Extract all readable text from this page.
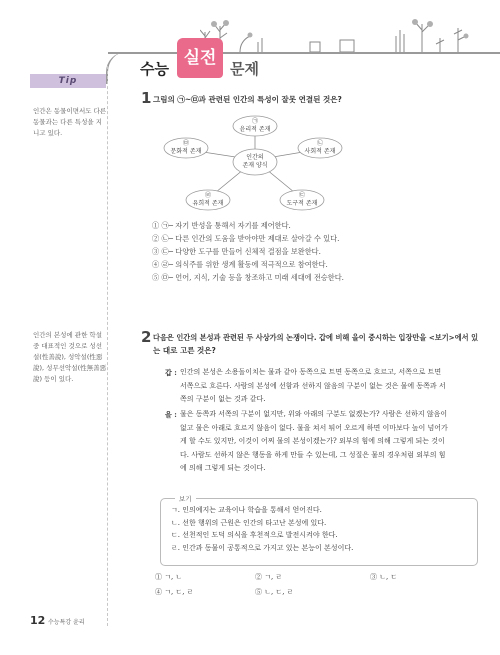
수능
실전
문제
Tip
인간은 동물이면서도 다른 동물과는 다른 특성을 지니고 있다.
인간의 본성에 관한 학설 중 대표적인 것으로 성선설(性善說), 성악설(性惡說), 성무선악설(性無善惡說) 등이 있다.
1 그림의 ㉠~㉤과 관련된 인간의 특성이 잘못 연결된 것은?
인간의
존재 양식
㉠
윤리적 존재
㉡
사회적 존재
㉢
도구적 존재
㉣
유희적 존재
㉤
문화적 존재
① ㉠─ 자기 반성을 통해서 자기를 제어한다.
② ㉡─ 다른 인간의 도움을 받아야만 제대로 살아갈 수 있다.
③ ㉢─ 다양한 도구를 만들어 신체적 결점을 보완한다.
④ ㉣─ 의식주를 위한 생계 활동에 적극적으로 참여한다.
⑤ ㉤─ 언어, 지식, 기술 등을 창조하고 미래 세대에 전승한다.
2 다음은 인간의 본성과 관련된 두 사상가의 논쟁이다. 갑에 비해 을이 중시하는 입장만을 <보기>에서 있
는 대로 고른 것은?
갑 : 인간의 본성은 소용돌이치는 물과 같아 동쪽으로 트면 동쪽으로 흐르고, 서쪽으로 트면
서쪽으로 흐른다. 사람의 본성에 선함과 선하지 않음의 구분이 없는 것은 물에 동쪽과 서
쪽의 구분이 없는 것과 같다.
을 : 물은 동쪽과 서쪽의 구분이 없지만, 위와 아래의 구분도 없겠는가? 사람은 선하지 않음이
없고 물은 아래로 흐르지 않음이 없다. 물을 쳐서 튀어 오르게 하면 이마보다 높이 넘어가
게 할 수도 있지만, 이것이 어찌 물의 본성이겠는가? 외부의 힘에 의해 그렇게 되는 것이
다. 사람도 선하지 않은 행동을 하게 만들 수 있는데, 그 성질은 물의 경우처럼 외부의 힘
에 의해 그렇게 되는 것이다.
보기
ㄱ. 인의예지는 교육이나 학습을 통해서 얻어진다.
ㄴ. 선한 행위의 근원은 인간의 타고난 본성에 있다.
ㄷ. 선천적인 도덕 의식을 후천적으로 발전시켜야 한다.
ㄹ. 인간과 동물이 공통적으로 가지고 있는 본능이 본성이다.
① ㄱ, ㄴ	② ㄱ, ㄹ	③ ㄴ, ㄷ
④ ㄱ, ㄷ, ㄹ	⑤ ㄴ, ㄷ, ㄹ
12 수능특강 윤리
